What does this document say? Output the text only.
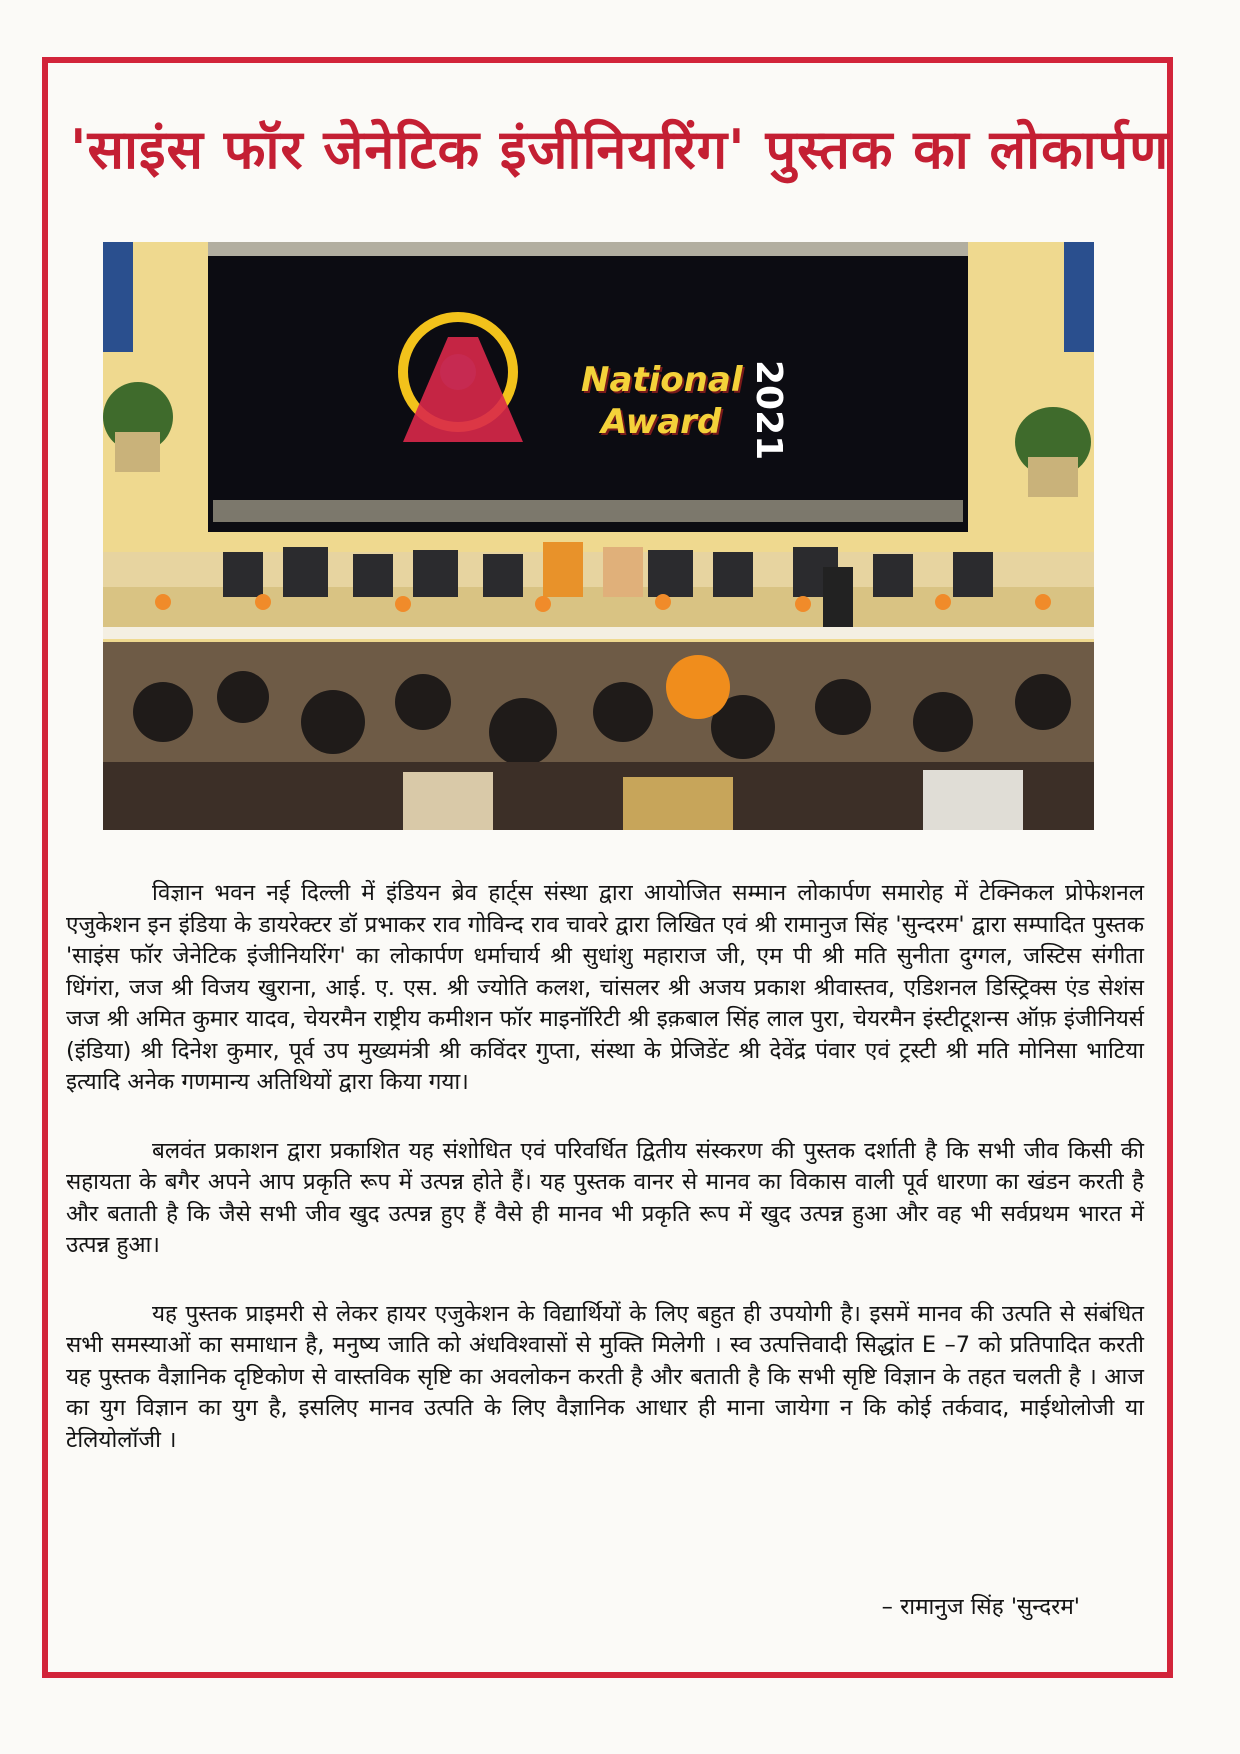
'साइंस फॉर जेनेटिक इंजीनियरिंग' पुस्तक का लोकार्पण
National
Award 2021

विज्ञान भवन नई दिल्ली में इंडियन ब्रेव हार्ट्स संस्था द्वारा आयोजित सम्मान लोकार्पण समारोह में टेक्निकल प्रोफेशनल एजुकेशन इन इंडिया के डायरेक्टर डॉ प्रभाकर राव गोविन्द राव चावरे द्वारा लिखित एवं श्री रामानुज सिंह 'सुन्दरम' द्वारा सम्पादित पुस्तक 'साइंस फॉर जेनेटिक इंजीनियरिंग' का लोकार्पण धर्माचार्य श्री सुधांशु महाराज जी, एम पी श्री मति सुनीता दुग्गल, जस्टिस संगीता धिंगंरा, जज श्री विजय खुराना, आई. ए. एस. श्री ज्योति कलश, चांसलर श्री अजय प्रकाश श्रीवास्तव, एडिशनल डिस्ट्रिक्स एंड सेशंस जज श्री अमित कुमार यादव, चेयरमैन राष्ट्रीय कमीशन फॉर माइनॉरिटी श्री इक़बाल सिंह लाल पुरा, चेयरमैन इंस्टीटूशन्स ऑफ़ इंजीनियर्स (इंडिया) श्री दिनेश कुमार, पूर्व उप मुख्यमंत्री श्री कविंदर गुप्ता, संस्था के प्रेजिडेंट श्री देवेंद्र पंवार एवं ट्रस्टी श्री मति मोनिसा भाटिया इत्यादि अनेक गणमान्य अतिथियों द्वारा किया गया।

बलवंत प्रकाशन द्वारा प्रकाशित यह संशोधित एवं परिवर्धित द्वितीय संस्करण की पुस्तक दर्शाती है कि सभी जीव किसी की सहायता के बगैर अपने आप प्रकृति रूप में उत्पन्न होते हैं। यह पुस्तक वानर से मानव का विकास वाली पूर्व धारणा का खंडन करती है और बताती है कि जैसे सभी जीव खुद उत्पन्न हुए हैं वैसे ही मानव भी प्रकृति रूप में खुद उत्पन्न हुआ और वह भी सर्वप्रथम भारत में उत्पन्न हुआ।

यह पुस्तक प्राइमरी से लेकर हायर एजुकेशन के विद्यार्थियों के लिए बहुत ही उपयोगी है। इसमें मानव की उत्पति से संबंधित सभी समस्याओं का समाधान है, मनुष्य जाति को अंधविश्वासों से मुक्ति मिलेगी । स्व उत्पत्तिवादी सिद्धांत E –7 को प्रतिपादित करती यह पुस्तक वैज्ञानिक दृष्टिकोण से वास्तविक सृष्टि का अवलोकन करती है और बताती है कि सभी सृष्टि विज्ञान के तहत चलती है । आज का युग विज्ञान का युग है, इसलिए मानव उत्पति के लिए वैज्ञानिक आधार ही माना जायेगा न कि कोई तर्कवाद, माईथोलोजी या टेलियोलॉजी ।

– रामानुज सिंह 'सुन्दरम'
